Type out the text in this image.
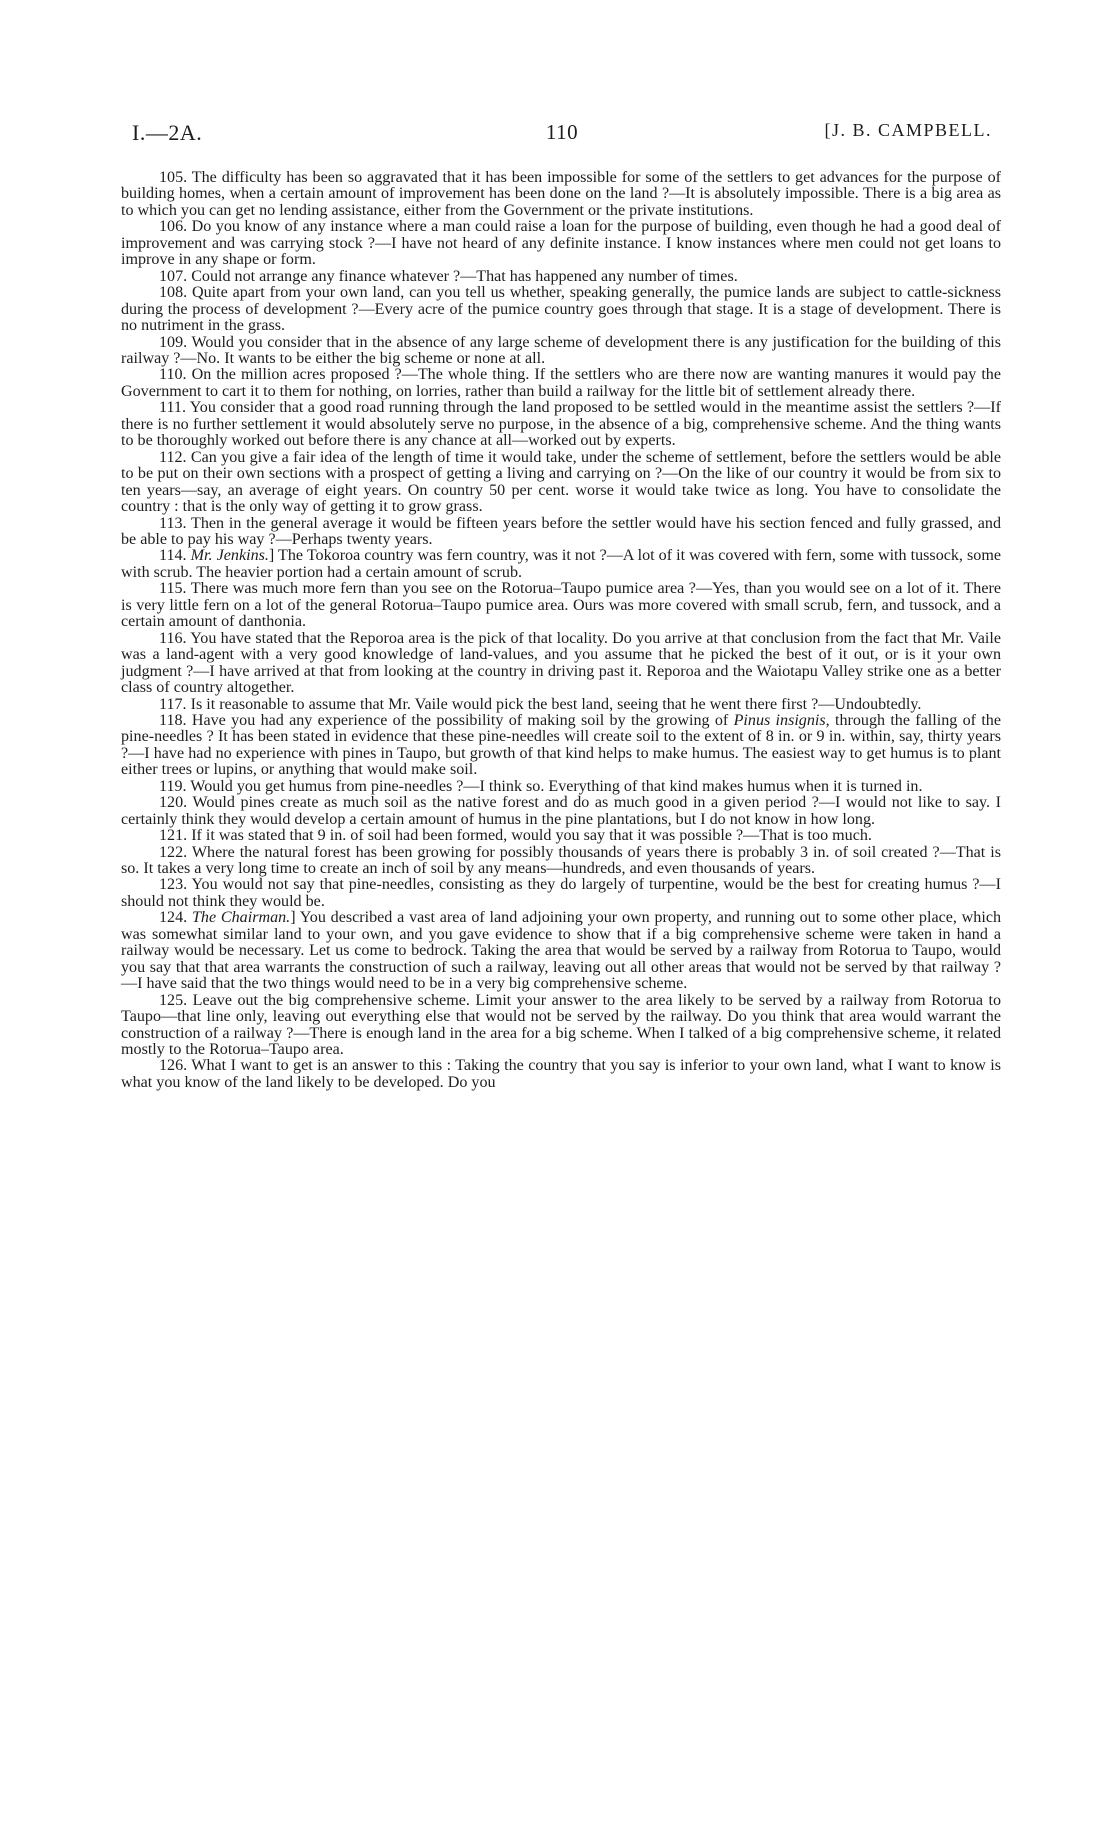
I.—2A.	110	[J. B. CAMPBELL.

105. The difficulty has been so aggravated that it has been impossible for some of the settlers to get advances for the purpose of building homes, when a certain amount of improvement has been done on the land ?—It is absolutely impossible. There is a big area as to which you can get no lending assistance, either from the Government or the private institutions.

106. Do you know of any instance where a man could raise a loan for the purpose of building, even though he had a good deal of improvement and was carrying stock ?—I have not heard of any definite instance. I know instances where men could not get loans to improve in any shape or form.

107. Could not arrange any finance whatever ?—That has happened any number of times.

108. Quite apart from your own land, can you tell us whether, speaking generally, the pumice lands are subject to cattle-sickness during the process of development ?—Every acre of the pumice country goes through that stage. It is a stage of development. There is no nutriment in the grass.

109. Would you consider that in the absence of any large scheme of development there is any justification for the building of this railway ?—No. It wants to be either the big scheme or none at all.

110. On the million acres proposed ?—The whole thing. If the settlers who are there now are wanting manures it would pay the Government to cart it to them for nothing, on lorries, rather than build a railway for the little bit of settlement already there.

111. You consider that a good road running through the land proposed to be settled would in the meantime assist the settlers ?—If there is no further settlement it would absolutely serve no purpose, in the absence of a big, comprehensive scheme. And the thing wants to be thoroughly worked out before there is any chance at all—worked out by experts.

112. Can you give a fair idea of the length of time it would take, under the scheme of settlement, before the settlers would be able to be put on their own sections with a prospect of getting a living and carrying on ?—On the like of our country it would be from six to ten years—say, an average of eight years. On country 50 per cent. worse it would take twice as long. You have to consolidate the country : that is the only way of getting it to grow grass.

113. Then in the general average it would be fifteen years before the settler would have his section fenced and fully grassed, and be able to pay his way ?—Perhaps twenty years.

114. Mr. Jenkins.] The Tokoroa country was fern country, was it not ?—A lot of it was covered with fern, some with tussock, some with scrub. The heavier portion had a certain amount of scrub.

115. There was much more fern than you see on the Rotorua–Taupo pumice area ?—Yes, than you would see on a lot of it. There is very little fern on a lot of the general Rotorua–Taupo pumice area. Ours was more covered with small scrub, fern, and tussock, and a certain amount of danthonia.

116. You have stated that the Reporoa area is the pick of that locality. Do you arrive at that conclusion from the fact that Mr. Vaile was a land-agent with a very good knowledge of land-values, and you assume that he picked the best of it out, or is it your own judgment ?—I have arrived at that from looking at the country in driving past it. Reporoa and the Waiotapu Valley strike one as a better class of country altogether.

117. Is it reasonable to assume that Mr. Vaile would pick the best land, seeing that he went there first ?—Undoubtedly.

118. Have you had any experience of the possibility of making soil by the growing of Pinus insignis, through the falling of the pine-needles ? It has been stated in evidence that these pine-needles will create soil to the extent of 8 in. or 9 in. within, say, thirty years ?—I have had no experience with pines in Taupo, but growth of that kind helps to make humus. The easiest way to get humus is to plant either trees or lupins, or anything that would make soil.

119. Would you get humus from pine-needles ?—I think so. Everything of that kind makes humus when it is turned in.

120. Would pines create as much soil as the native forest and do as much good in a given period ?—I would not like to say. I certainly think they would develop a certain amount of humus in the pine plantations, but I do not know in how long.

121. If it was stated that 9 in. of soil had been formed, would you say that it was possible ?—That is too much.

122. Where the natural forest has been growing for possibly thousands of years there is probably 3 in. of soil created ?—That is so. It takes a very long time to create an inch of soil by any means—hundreds, and even thousands of years.

123. You would not say that pine-needles, consisting as they do largely of turpentine, would be the best for creating humus ?—I should not think they would be.

124. The Chairman.] You described a vast area of land adjoining your own property, and running out to some other place, which was somewhat similar land to your own, and you gave evidence to show that if a big comprehensive scheme were taken in hand a railway would be necessary. Let us come to bedrock. Taking the area that would be served by a railway from Rotorua to Taupo, would you say that that area warrants the construction of such a railway, leaving out all other areas that would not be served by that railway ?—I have said that the two things would need to be in a very big comprehensive scheme.

125. Leave out the big comprehensive scheme. Limit your answer to the area likely to be served by a railway from Rotorua to Taupo—that line only, leaving out everything else that would not be served by the railway. Do you think that area would warrant the construction of a railway ?—There is enough land in the area for a big scheme. When I talked of a big comprehensive scheme, it related mostly to the Rotorua–Taupo area.

126. What I want to get is an answer to this : Taking the country that you say is inferior to your own land, what I want to know is what you know of the land likely to be developed. Do you
